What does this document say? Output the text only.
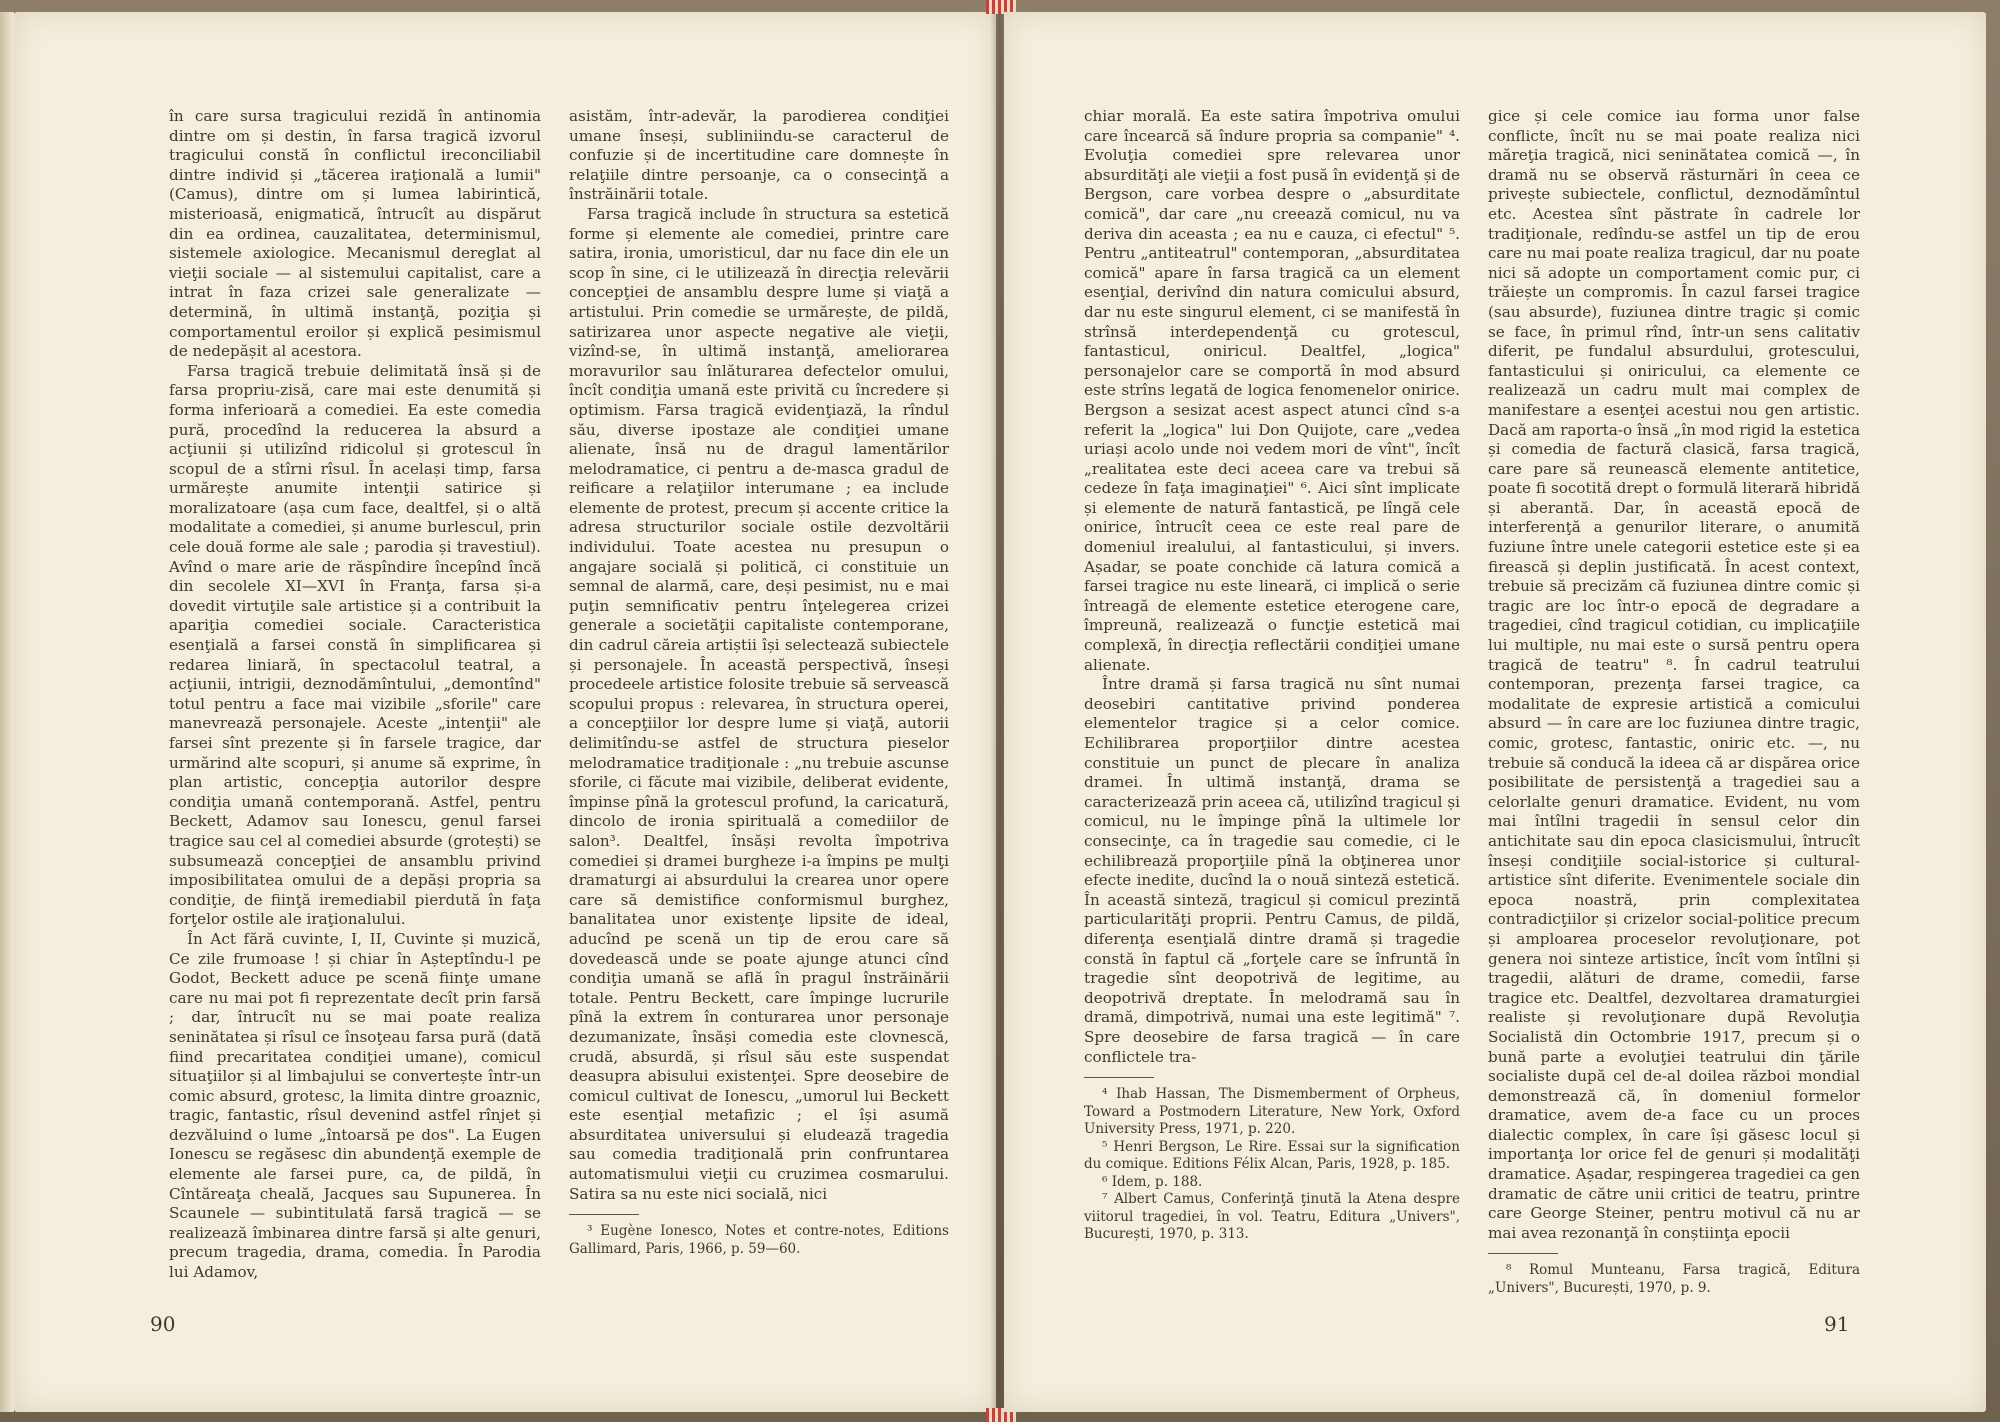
în care sursa tragicului rezidă în antinomia dintre om și destin, în farsa tragică izvorul tragicului constă în conflictul ireconciliabil dintre individ și „tăcerea iraţională a lumii" (Camus), dintre om și lumea labirintică, misterioasă, enigmatică, întrucît au dispărut din ea ordinea, cauzalitatea, determinismul, sistemele axiologice. Mecanismul dereglat al vieţii sociale — al sistemului capitalist, care a intrat în faza crizei sale generalizate — determină, în ultimă instanţă, poziţia și comportamentul eroilor și explică pesimismul de nedepășit al acestora.

Farsa tragică trebuie delimitată însă și de farsa propriu-zisă, care mai este denumită și forma inferioară a comediei. Ea este comedia pură, procedînd la reducerea la absurd a acţiunii și utilizînd ridicolul și grotescul în scopul de a stîrni rîsul. În același timp, farsa urmărește anumite intenţii satirice și moralizatoare (așa cum face, dealtfel, și o altă modalitate a comediei, și anume burlescul, prin cele două forme ale sale ; parodia și travestiul). Avînd o mare arie de răspîndire începînd încă din secolele XI—XVI în Franţa, farsa și-a dovedit virtuţile sale artistice și a contribuit la apariţia comediei sociale. Caracteristica esenţială a farsei constă în simplificarea și redarea liniară, în spectacolul teatral, a acţiunii, intrigii, deznodămîntului, „demontînd" totul pentru a face mai vizibile „sforile" care manevrează personajele. Aceste „intenţii" ale farsei sînt prezente și în farsele tragice, dar urmărind alte scopuri, și anume să exprime, în plan artistic, concepţia autorilor despre condiţia umană contemporană. Astfel, pentru Beckett, Adamov sau Ionescu, genul farsei tragice sau cel al comediei absurde (grotești) se subsumează concepţiei de ansamblu privind imposibilitatea omului de a depăși propria sa condiţie, de fiinţă iremediabil pierdută în faţa forţelor ostile ale iraţionalului.

În Act fără cuvinte, I, II, Cuvinte și muzică, Ce zile frumoase ! și chiar în Așteptîndu-l pe Godot, Beckett aduce pe scenă fiinţe umane care nu mai pot fi reprezentate decît prin farsă ; dar, întrucît nu se mai poate realiza seninătatea și rîsul ce însoţeau farsa pură (dată fiind precaritatea condiţiei umane), comicul situaţiilor și al limbajului se convertește într-un comic absurd, grotesc, la limita dintre groaznic, tragic, fantastic, rîsul devenind astfel rînjet și dezvăluind o lume „întoarsă pe dos". La Eugen Ionescu se regăsesc din abundenţă exemple de elemente ale farsei pure, ca, de pildă, în Cîntăreaţa cheală, Jacques sau Supunerea. În Scaunele — subintitulată farsă tragică — se realizează îmbinarea dintre farsă și alte genuri, precum tragedia, drama, comedia. În Parodia lui Adamov,

asistăm, într-adevăr, la parodierea condiţiei umane înseși, subliniindu-se caracterul de confuzie și de incertitudine care domnește în relaţiile dintre persoanje, ca o consecinţă a înstrăinării totale.

Farsa tragică include în structura sa estetică forme și elemente ale comediei, printre care satira, ironia, umoristicul, dar nu face din ele un scop în sine, ci le utilizează în direcţia relevării concepţiei de ansamblu despre lume și viaţă a artistului. Prin comedie se urmărește, de pildă, satirizarea unor aspecte negative ale vieţii, vizînd-se, în ultimă instanţă, ameliorarea moravurilor sau înlăturarea defectelor omului, încît condiţia umană este privită cu încredere și optimism. Farsa tragică evidenţiază, la rîndul său, diverse ipostaze ale condiţiei umane alienate, însă nu de dragul lamentărilor melodramatice, ci pentru a de-masca gradul de reificare a relaţiilor interumane ; ea include elemente de protest, precum și accente critice la adresa structurilor sociale ostile dezvoltării individului. Toate acestea nu presupun o angajare socială și politică, ci constituie un semnal de alarmă, care, deși pesimist, nu e mai puţin semnificativ pentru înţelegerea crizei generale a societăţii capitaliste contemporane, din cadrul căreia artiștii își selectează subiectele și personajele. În această perspectivă, înseși procedeele artistice folosite trebuie să servească scopului propus : relevarea, în structura operei, a concepţiilor lor despre lume și viaţă, autorii delimitîndu-se astfel de structura pieselor melodramatice tradiţionale : „nu trebuie ascunse sforile, ci făcute mai vizibile, deliberat evidente, împinse pînă la grotescul profund, la caricatură, dincolo de ironia spirituală a comediilor de salon³. Dealtfel, însăși revolta împotriva comediei și dramei burgheze i-a împins pe mulţi dramaturgi ai absurdului la crearea unor opere care să demistifice conformismul burghez, banalitatea unor existenţe lipsite de ideal, aducînd pe scenă un tip de erou care să dovedească unde se poate ajunge atunci cînd condiţia umană se află în pragul înstrăinării totale. Pentru Beckett, care împinge lucrurile pînă la extrem în conturarea unor personaje dezumanizate, însăși comedia este clovnescă, crudă, absurdă, și rîsul său este suspendat deasupra abisului existenţei. Spre deosebire de comicul cultivat de Ionescu, „umorul lui Beckett este esenţial metafizic ; el își asumă absurditatea universului și eludează tragedia sau comedia tradiţională prin confruntarea automatismului vieţii cu cruzimea cosmarului. Satira sa nu este nici socială, nici

³ Eugène Ionesco, Notes et contre-notes, Editions Gallimard, Paris, 1966, p. 59—60.

90

chiar morală. Ea este satira împotriva omului care încearcă să îndure propria sa companie" ⁴. Evoluţia comediei spre relevarea unor absurdităţi ale vieţii a fost pusă în evidenţă și de Bergson, care vorbea despre o „absurditate comică", dar care „nu creează comicul, nu va deriva din aceasta ; ea nu e cauza, ci efectul" ⁵. Pentru „antiteatrul" contemporan, „absurditatea comică" apare în farsa tragică ca un element esenţial, derivînd din natura comicului absurd, dar nu este singurul element, ci se manifestă în strînsă interdependenţă cu grotescul, fantasticul, oniricul. Dealtfel, „logica" personajelor care se comportă în mod absurd este strîns legată de logica fenomenelor onirice. Bergson a sesizat acest aspect atunci cînd s-a referit la „logica" lui Don Quijote, care „vedea uriași acolo unde noi vedem mori de vînt", încît „realitatea este deci aceea care va trebui să cedeze în faţa imaginaţiei" ⁶. Aici sînt implicate și elemente de natură fantastică, pe lîngă cele onirice, întrucît ceea ce este real pare de domeniul irealului, al fantasticului, și invers. Așadar, se poate conchide că latura comică a farsei tragice nu este lineară, ci implică o serie întreagă de elemente estetice eterogene care, împreună, realizează o funcţie estetică mai complexă, în direcţia reflectării condiţiei umane alienate.

Între dramă și farsa tragică nu sînt numai deosebiri cantitative privind ponderea elementelor tragice și a celor comice. Echilibrarea proporţiilor dintre acestea constituie un punct de plecare în analiza dramei. În ultimă instanţă, drama se caracterizează prin aceea că, utilizînd tragicul și comicul, nu le împinge pînă la ultimele lor consecinţe, ca în tragedie sau comedie, ci le echilibrează proporţiile pînă la obţinerea unor efecte inedite, ducînd la o nouă sinteză estetică. În această sinteză, tragicul și comicul prezintă particularităţi proprii. Pentru Camus, de pildă, diferenţa esenţială dintre dramă și tragedie constă în faptul că „forţele care se înfruntă în tragedie sînt deopotrivă de legitime, au deopotrivă dreptate. În melodramă sau în dramă, dimpotrivă, numai una este legitimă" ⁷. Spre deosebire de farsa tragică — în care conflictele tra-

⁴ Ihab Hassan, The Dismemberment of Orpheus, Toward a Postmodern Literature, New York, Oxford University Press, 1971, p. 220.

⁵ Henri Bergson, Le Rire. Essai sur la signification du comique. Editions Félix Alcan, Paris, 1928, p. 185.

⁶ Idem, p. 188.

⁷ Albert Camus, Conferinţă ţinută la Atena despre viitorul tragediei, în vol. Teatru, Editura „Univers", București, 1970, p. 313.

gice și cele comice iau forma unor false conflicte, încît nu se mai poate realiza nici măreţia tragică, nici seninătatea comică —, în dramă nu se observă răsturnări în ceea ce privește subiectele, conflictul, deznodămîntul etc. Acestea sînt păstrate în cadrele lor tradiţionale, redîndu-se astfel un tip de erou care nu mai poate realiza tragicul, dar nu poate nici să adopte un comportament comic pur, ci trăiește un compromis. În cazul farsei tragice (sau absurde), fuziunea dintre tragic și comic se face, în primul rînd, într-un sens calitativ diferit, pe fundalul absurdului, grotescului, fantasticului și oniricului, ca elemente ce realizează un cadru mult mai complex de manifestare a esenţei acestui nou gen artistic. Dacă am raporta-o însă „în mod rigid la estetica și comedia de factură clasică, farsa tragică, care pare să reunească elemente antitetice, poate fi socotită drept o formulă literară hibridă și aberantă. Dar, în această epocă de interferenţă a genurilor literare, o anumită fuziune între unele categorii estetice este și ea firească și deplin justificată. În acest context, trebuie să precizăm că fuziunea dintre comic și tragic are loc într-o epocă de degradare a tragediei, cînd tragicul cotidian, cu implicaţiile lui multiple, nu mai este o sursă pentru opera tragică de teatru" ⁸. În cadrul teatrului contemporan, prezenţa farsei tragice, ca modalitate de expresie artistică a comicului absurd — în care are loc fuziunea dintre tragic, comic, grotesc, fantastic, oniric etc. —, nu trebuie să conducă la ideea că ar dispărea orice posibilitate de persistenţă a tragediei sau a celorlalte genuri dramatice. Evident, nu vom mai întîlni tragedii în sensul celor din antichitate sau din epoca clasicismului, întrucît înseși condiţiile social-istorice și cultural-artistice sînt diferite. Evenimentele sociale din epoca noastră, prin complexitatea contradicţiilor și crizelor social-politice precum și amploarea proceselor revoluţionare, pot genera noi sinteze artistice, încît vom întîlni și tragedii, alături de drame, comedii, farse tragice etc. Dealtfel, dezvoltarea dramaturgiei realiste și revoluţionare după Revoluţia Socialistă din Octombrie 1917, precum și o bună parte a evoluţiei teatrului din ţările socialiste după cel de-al doilea război mondial demonstrează că, în domeniul formelor dramatice, avem de-a face cu un proces dialectic complex, în care își găsesc locul și importanţa lor orice fel de genuri și modalităţi dramatice. Așadar, respingerea tragediei ca gen dramatic de către unii critici de teatru, printre care George Steiner, pentru motivul că nu ar mai avea rezonanţă în conștiinţa epocii

⁸ Romul Munteanu, Farsa tragică, Editura „Univers", București, 1970, p. 9.

91
